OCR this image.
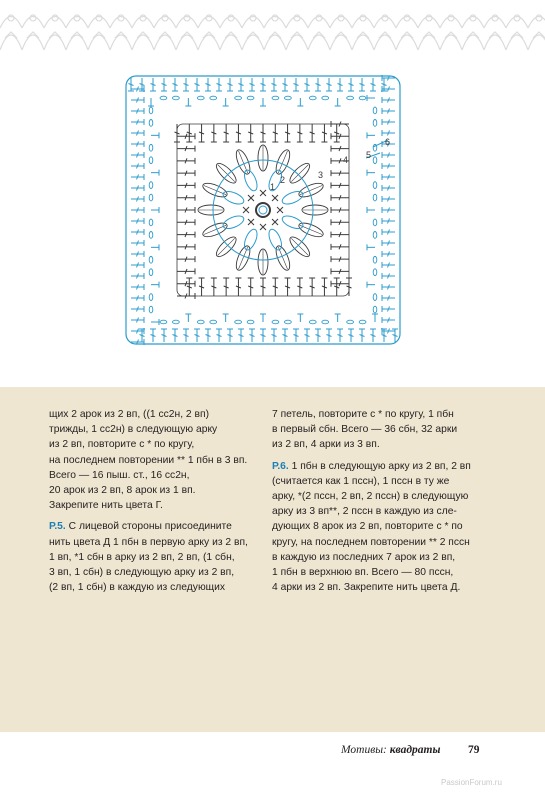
1
2	3
4 5
6

щих 2 арок из 2 вп, ((1 сс2н, 2 вп)
трижды, 1 сс2н) в следующую арку
из 2 вп, повторите с * по кругу,
на последнем повторении ** 1 пбн в 3 вп.
Всего — 16 пыш. ст., 16 сс2н,
20 арок из 2 вп, 8 арок из 1 вп.
Закрепите нить цвета Г.

Р.5. С лицевой стороны присоедините
нить цвета Д 1 пбн в первую арку из 2 вп,
1 вп, *1 сбн в арку из 2 вп, 2 вп, (1 сбн,
3 вп, 1 сбн) в следующую арку из 2 вп,
(2 вп, 1 сбн) в каждую из следующих

7 петель, повторите с * по кругу, 1 пбн
в первый сбн. Всего — 36 сбн, 32 арки
из 2 вп, 4 арки из 3 вп.

Р.6. 1 пбн в следующую арку из 2 вп, 2 вп
(считается как 1 пссн), 1 пссн в ту же
арку, *(2 пссн, 2 вп, 2 пссн) в следующую
арку из 3 вп**, 2 пссн в каждую из сле-
дующих 8 арок из 2 вп, повторите с * по
кругу, на последнем повторении ** 2 пссн
в каждую из последних 7 арок из 2 вп,
1 пбн в верхнюю вп. Всего — 80 пссн,
4 арки из 2 вп. Закрепите нить цвета Д.

Мотивы: квадраты 79
PassionForum.ru
